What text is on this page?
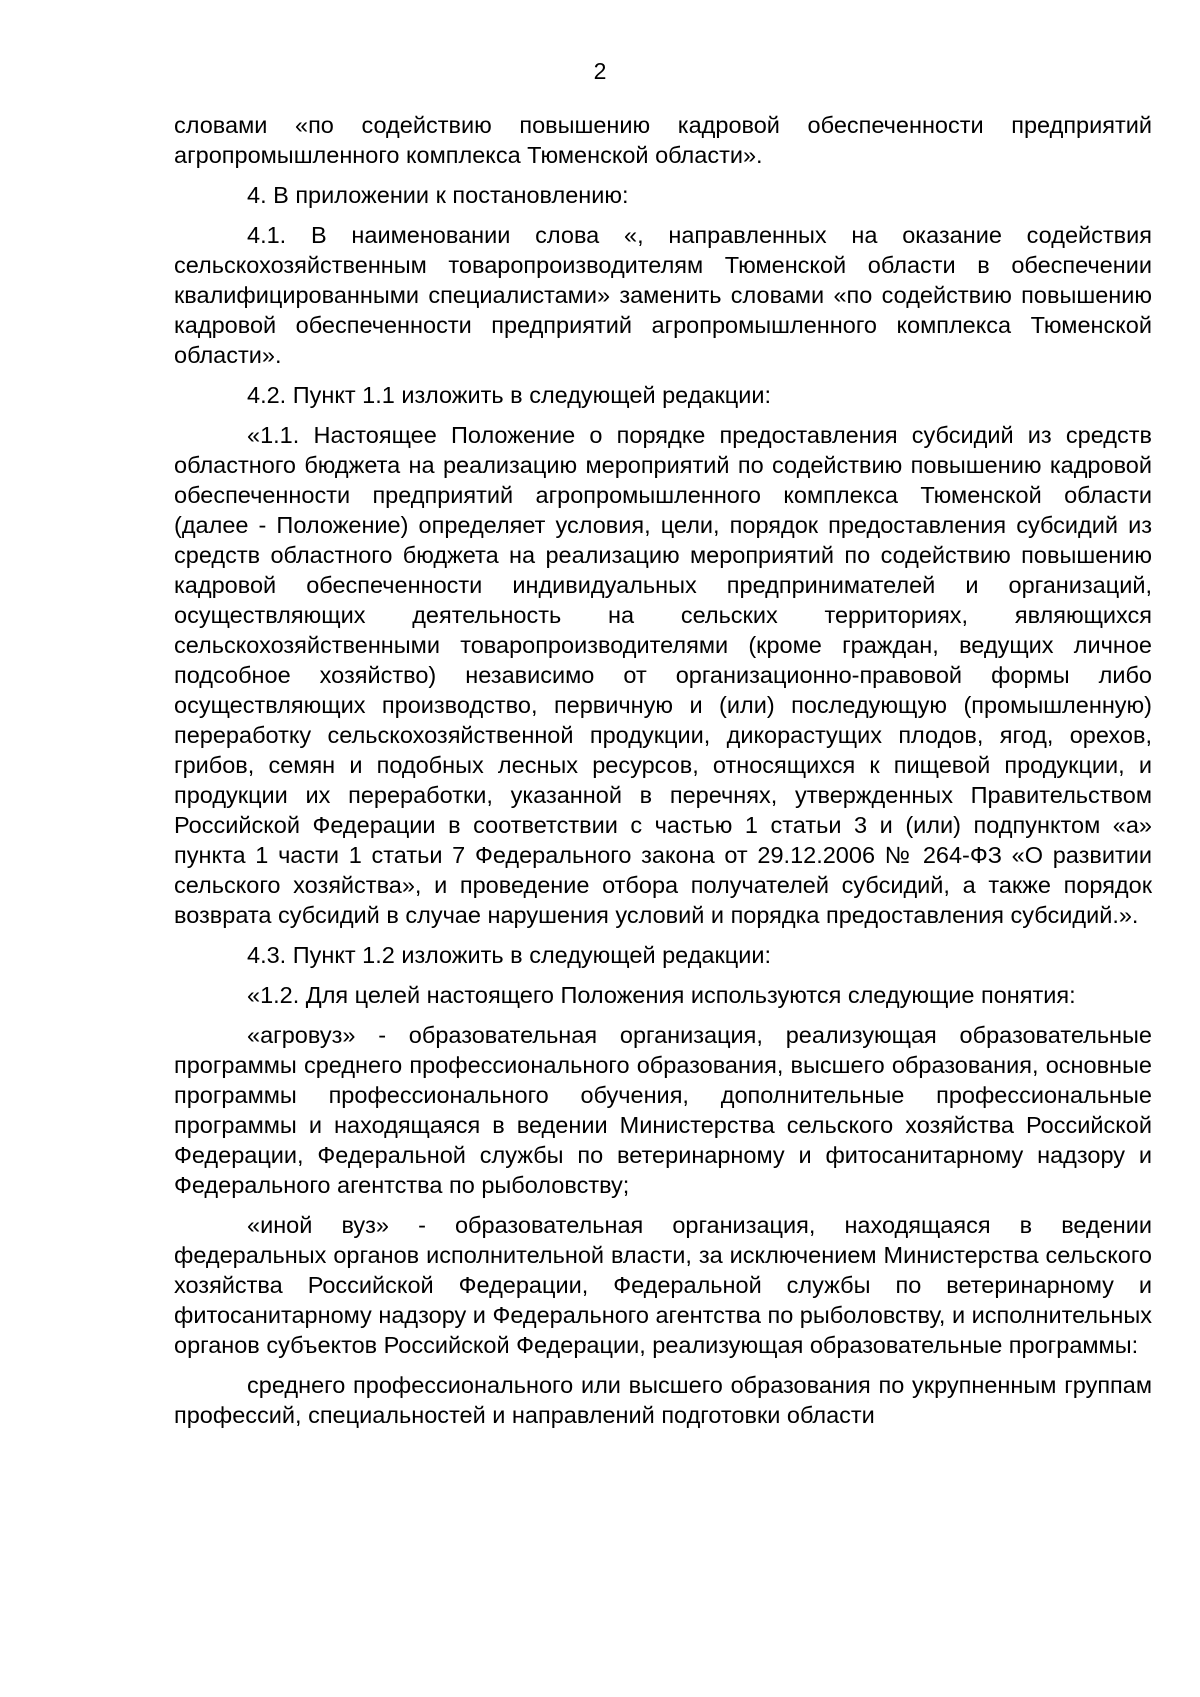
2

словами «по содействию повышению кадровой обеспеченности предприятий агропромышленного комплекса Тюменской области».

4. В приложении к постановлению:

4.1. В наименовании слова «, направленных на оказание содействия сельскохозяйственным товаропроизводителям Тюменской области в обеспечении квалифицированными специалистами» заменить словами «по содействию повышению кадровой обеспеченности предприятий агропромышленного комплекса Тюменской области».

4.2. Пункт 1.1 изложить в следующей редакции:

«1.1. Настоящее Положение о порядке предоставления субсидий из средств областного бюджета на реализацию мероприятий по содействию повышению кадровой обеспеченности предприятий агропромышленного комплекса Тюменской области (далее - Положение) определяет условия, цели, порядок предоставления субсидий из средств областного бюджета на реализацию мероприятий по содействию повышению кадровой обеспеченности индивидуальных предпринимателей и организаций, осуществляющих деятельность на сельских территориях, являющихся сельскохозяйственными товаропроизводителями (кроме граждан, ведущих личное подсобное хозяйство) независимо от организационно-правовой формы либо осуществляющих производство, первичную и (или) последующую (промышленную) переработку сельскохозяйственной продукции, дикорастущих плодов, ягод, орехов, грибов, семян и подобных лесных ресурсов, относящихся к пищевой продукции, и продукции их переработки, указанной в перечнях, утвержденных Правительством Российской Федерации в соответствии с частью 1 статьи 3 и (или) подпунктом «а» пункта 1 части 1 статьи 7 Федерального закона от 29.12.2006 № 264-ФЗ «О развитии сельского хозяйства», и проведение отбора получателей субсидий, а также порядок возврата субсидий в случае нарушения условий и порядка предоставления субсидий.».

4.3. Пункт 1.2 изложить в следующей редакции:

«1.2. Для целей настоящего Положения используются следующие понятия:

«агровуз» - образовательная организация, реализующая образовательные программы среднего профессионального образования, высшего образования, основные программы профессионального обучения, дополнительные профессиональные программы и находящаяся в ведении Министерства сельского хозяйства Российской Федерации, Федеральной службы по ветеринарному и фитосанитарному надзору и Федерального агентства по рыболовству;

«иной вуз» - образовательная организация, находящаяся в ведении федеральных органов исполнительной власти, за исключением Министерства сельского хозяйства Российской Федерации, Федеральной службы по ветеринарному и фитосанитарному надзору и Федерального агентства по рыболовству, и исполнительных органов субъектов Российской Федерации, реализующая образовательные программы:

среднего профессионального или высшего образования по укрупненным группам профессий, специальностей и направлений подготовки области
